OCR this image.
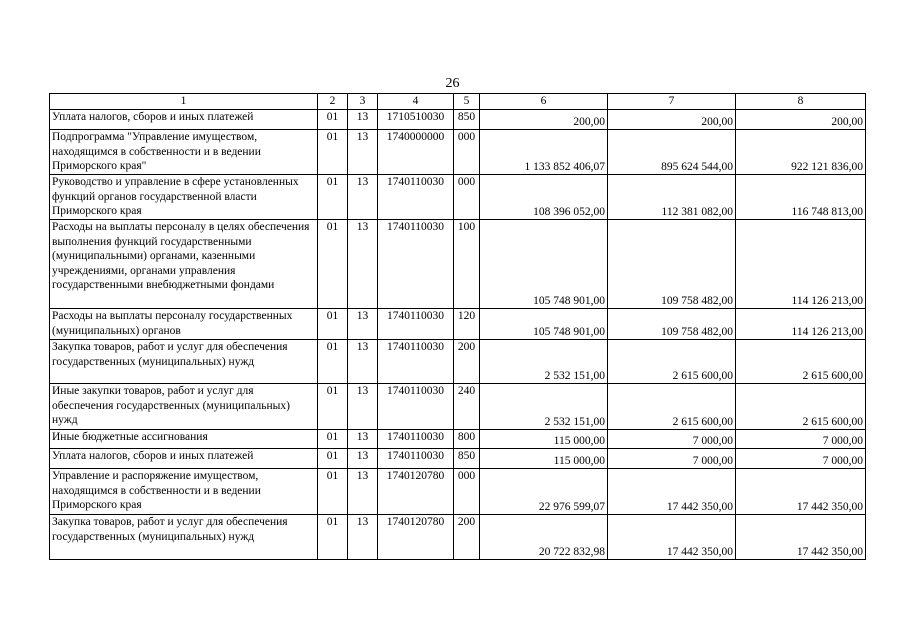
26
1	2	3	4	5	6	7	8
Уплата налогов, сборов и иных платежей	01	13	1710510030	850	200,00	200,00	200,00
Подпрограмма "Управление имуществом, находящимся в собственности и в ведении Приморского края"	01	13	1740000000	000	1 133 852 406,07	895 624 544,00	922 121 836,00
Руководство и управление в сфере установленных функций органов государственной власти Приморского края	01	13	1740110030	000	108 396 052,00	112 381 082,00	116 748 813,00
Расходы на выплаты персоналу в целях обеспечения выполнения функций государственными (муниципальными) органами, казенными учреждениями, органами управления государственными внебюджетными фондами	01	13	1740110030	100	105 748 901,00	109 758 482,00	114 126 213,00
Расходы на выплаты персоналу государственных (муниципальных) органов	01	13	1740110030	120	105 748 901,00	109 758 482,00	114 126 213,00
Закупка товаров, работ и услуг для обеспечения государственных (муниципальных) нужд	01	13	1740110030	200	2 532 151,00	2 615 600,00	2 615 600,00
Иные закупки товаров, работ и услуг для обеспечения государственных (муниципальных) нужд	01	13	1740110030	240	2 532 151,00	2 615 600,00	2 615 600,00
Иные бюджетные ассигнования	01	13	1740110030	800	115 000,00	7 000,00	7 000,00
Уплата налогов, сборов и иных платежей	01	13	1740110030	850	115 000,00	7 000,00	7 000,00
Управление и распоряжение имуществом, находящимся в собственности и в ведении Приморского края	01	13	1740120780	000	22 976 599,07	17 442 350,00	17 442 350,00
Закупка товаров, работ и услуг для обеспечения государственных (муниципальных) нужд	01	13	1740120780	200	20 722 832,98	17 442 350,00	17 442 350,00
